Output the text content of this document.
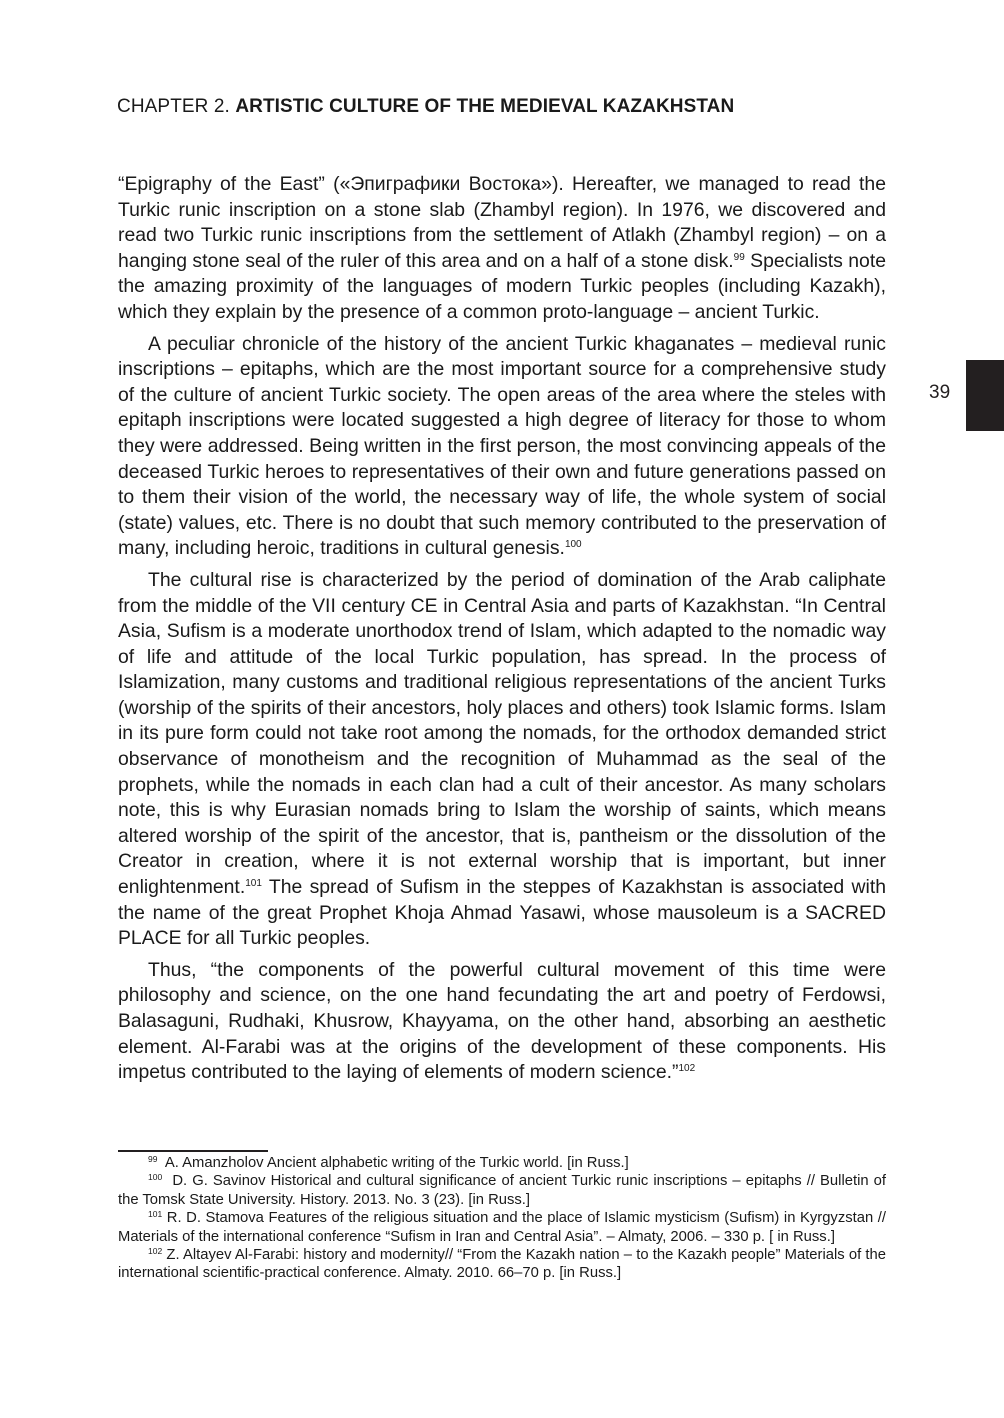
CHAPTER 2. ARTISTIC CULTURE OF THE MEDIEVAL KAZAKHSTAN
39

“Epigraphy of the East” («Эпиграфики Востока»). Hereafter, we managed to read the Turkic runic inscription on a stone slab (Zhambyl region). In 1976, we discovered and read two Turkic runic inscriptions from the settlement of Atlakh (Zhambyl region) – on a hanging stone seal of the ruler of this area and on a half of a stone disk.$^{99}$ Specialists note the amazing proximity of the languages of modern Turkic peoples (including Kazakh), which they explain by the presence of a common proto-language – ancient Turkic.

A peculiar chronicle of the history of the ancient Turkic khaganates – medieval runic inscriptions – epitaphs, which are the most important source for a comprehensive study of the culture of ancient Turkic society. The open areas of the area where the steles with epitaph inscriptions were located suggested a high degree of literacy for those to whom they were addressed. Being written in the first person, the most convincing appeals of the deceased Turkic heroes to representatives of their own and future generations passed on to them their vision of the world, the necessary way of life, the whole system of social (state) values, etc. There is no doubt that such memory contributed to the preservation of many, including heroic, traditions in cultural genesis.$^{100}$

The cultural rise is characterized by the period of domination of the Arab caliphate from the middle of the VII century CE in Central Asia and parts of Kazakhstan. “In Central Asia, Sufism is a moderate unorthodox trend of Islam, which adapted to the nomadic way of life and attitude of the local Turkic population, has spread. In the process of Islamization, many customs and traditional religious representations of the ancient Turks (worship of the spirits of their ancestors, holy places and others) took Islamic forms. Islam in its pure form could not take root among the nomads, for the orthodox demanded strict observance of monotheism and the recognition of Muhammad as the seal of the prophets, while the nomads in each clan had a cult of their ancestor. As many scholars note, this is why Eurasian nomads bring to Islam the worship of saints, which means altered worship of the spirit of the ancestor, that is, pantheism or the dissolution of the Creator in creation, where it is not external worship that is important, but inner enlightenment.$^{101}$ The spread of Sufism in the steppes of Kazakhstan is associated with the name of the great Prophet Khoja Ahmad Yasawi, whose mausoleum is a SACRED PLACE for all Turkic peoples.

Thus, “the components of the powerful cultural movement of this time were philosophy and science, on the one hand fecundating the art and poetry of Ferdowsi, Balasaguni, Rudhaki, Khusrow, Khayyama, on the other hand, absorbing an aesthetic element. Al-Farabi was at the origins of the development of these components. His impetus contributed to the laying of elements of modern science.”$^{102}$

$^{99}$ A. Amanzholov Ancient alphabetic writing of the Turkic world. [in Russ.]

$^{100}$ D. G. Savinov Historical and cultural significance of ancient Turkic runic inscriptions – epitaphs // Bulletin of the Tomsk State University. History. 2013. No. 3 (23). [in Russ.]

$^{101}$ R. D. Stamova Features of the religious situation and the place of Islamic mysticism (Sufism) in Kyrgyzstan // Materials of the international conference “Sufism in Iran and Central Asia”. – Almaty, 2006. – 330 p. [ in Russ.]

$^{102}$ Z. Altayev Al-Farabi: history and modernity// “From the Kazakh nation – to the Kazakh people” Materials of the international scientific-practical conference. Almaty. 2010. 66–70 p. [in Russ.]
